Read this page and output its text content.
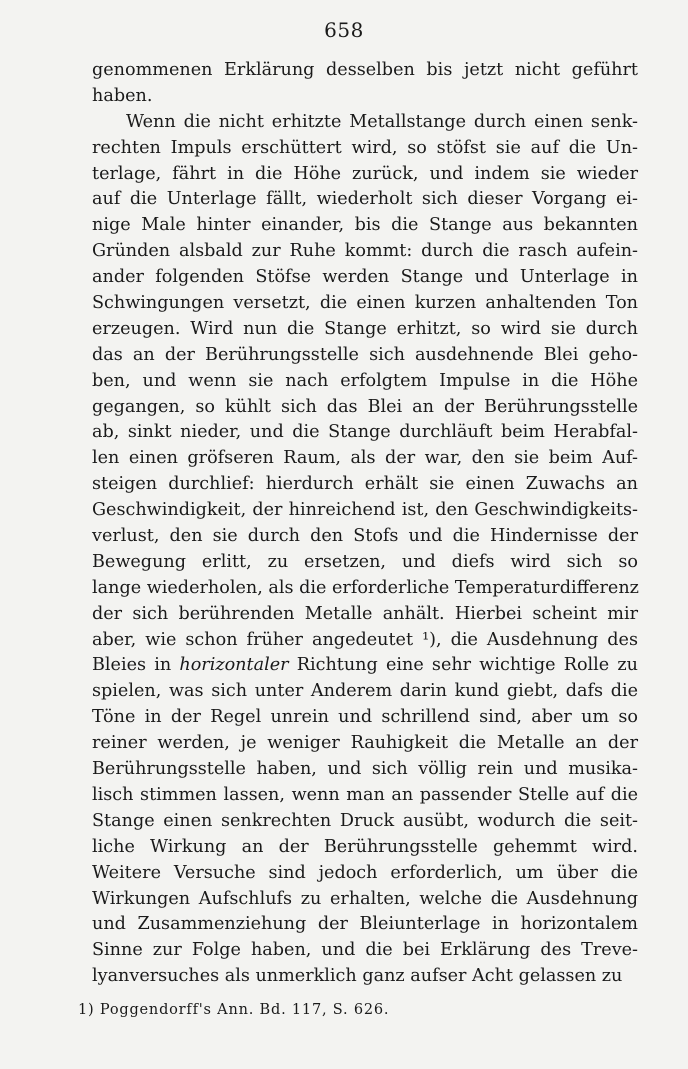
658
genommenen Erklärung desselben bis jetzt nicht geführt
haben.
Wenn die nicht erhitzte Metallstange durch einen senk-
rechten Impuls erschüttert wird, so stöfst sie auf die Un-
terlage, fährt in die Höhe zurück, und indem sie wieder
auf die Unterlage fällt, wiederholt sich dieser Vorgang ei-
nige Male hinter einander, bis die Stange aus bekannten
Gründen alsbald zur Ruhe kommt: durch die rasch aufein-
ander folgenden Stöfse werden Stange und Unterlage in
Schwingungen versetzt, die einen kurzen anhaltenden Ton
erzeugen. Wird nun die Stange erhitzt, so wird sie durch
das an der Berührungsstelle sich ausdehnende Blei geho-
ben, und wenn sie nach erfolgtem Impulse in die Höhe
gegangen, so kühlt sich das Blei an der Berührungsstelle
ab, sinkt nieder, und die Stange durchläuft beim Herabfal-
len einen gröfseren Raum, als der war, den sie beim Auf-
steigen durchlief: hierdurch erhält sie einen Zuwachs an
Geschwindigkeit, der hinreichend ist, den Geschwindigkeits-
verlust, den sie durch den Stofs und die Hindernisse der
Bewegung erlitt, zu ersetzen, und diefs wird sich so
lange wiederholen, als die erforderliche Temperaturdifferenz
der sich berührenden Metalle anhält. Hierbei scheint mir
aber, wie schon früher angedeutet ¹), die Ausdehnung des
Bleies in horizontaler Richtung eine sehr wichtige Rolle zu
spielen, was sich unter Anderem darin kund giebt, dafs die
Töne in der Regel unrein und schrillend sind, aber um so
reiner werden, je weniger Rauhigkeit die Metalle an der
Berührungsstelle haben, und sich völlig rein und musika-
lisch stimmen lassen, wenn man an passender Stelle auf die
Stange einen senkrechten Druck ausübt, wodurch die seit-
liche Wirkung an der Berührungsstelle gehemmt wird.
Weitere Versuche sind jedoch erforderlich, um über die
Wirkungen Aufschlufs zu erhalten, welche die Ausdehnung
und Zusammenziehung der Bleiunterlage in horizontalem
Sinne zur Folge haben, und die bei Erklärung des Treve-
lyanversuches als unmerklich ganz aufser Acht gelassen zu
1) Poggendorff's Ann. Bd. 117, S. 626.
